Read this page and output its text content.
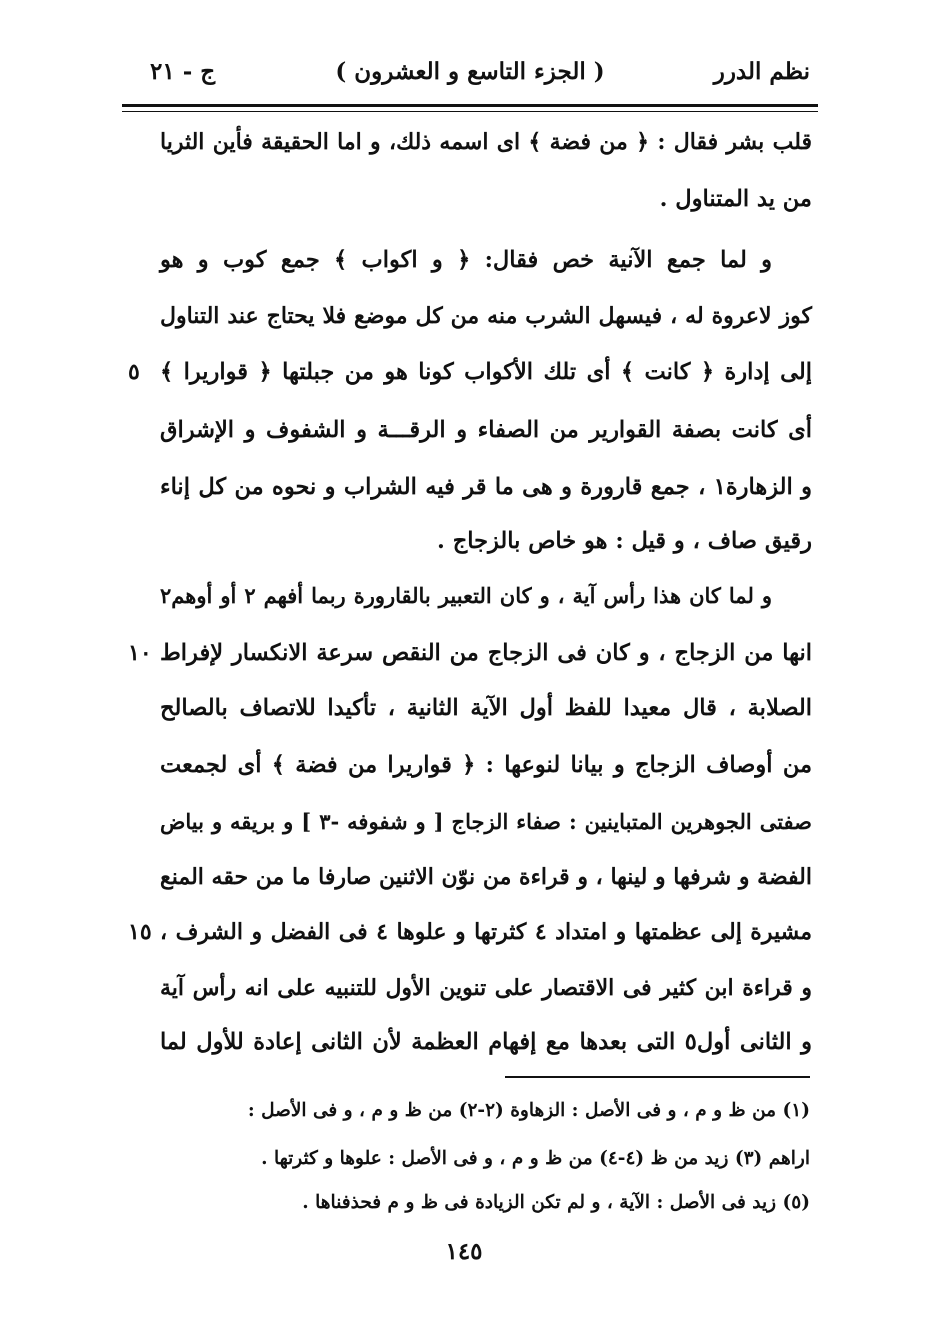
نظم الدرر
( الجزء التاسع و العشرون )
ج - ٢١
قلب بشر فقال : ﴿ من فضة ﴾ اى اسمه ذلك، و اما الحقيقة فأين الثريا
من يد المتناول .
و لما جمع الآنية خص فقال: ﴿ و اكواب ﴾ جمع كوب و هو
كوز لاعروة له ، فيسهل الشرب منه من كل موضع فلا يحتاج عند التناول
إلى إدارة ﴿ كانت ﴾ أى تلك الأكواب كونا هو من جبلتها ﴿ قواريرا ﴾
٥
أى كانت بصفة القوارير من الصفاء و الرقـــة و الشفوف و الإشراق
و الزهارة١ ، جمع قارورة و هى ما قر فيه الشراب و نحوه من كل إناء
رقيق صاف ، و قيل : هو خاص بالزجاج .
و لما كان هذا رأس آية ، و كان التعبير بالقارورة ربما أفهم ٢ أو أوهم٢
انها من الزجاج ، و كان فى الزجاج من النقص سرعة الانكسار لإفراط
١٠
الصلابة ، قال معيدا للفظ أول الآية الثانية ، تأكيدا للاتصاف بالصالح
من أوصاف الزجاج و بيانا لنوعها : ﴿ قواريرا من فضة ﴾ أى لجمعت
صفتى الجوهرين المتباينين : صفاء الزجاج [ و شفوفه -٣ ] و بريقه و بياض
الفضة و شرفها و لينها ، و قراءة من نوّن الاثنين صارفا ما من حقه المنع
مشيرة إلى عظمتها و امتداد ٤ كثرتها و علوها ٤ فى الفضل و الشرف ،
١٥
و قراءة ابن كثير فى الاقتصار على تنوين الأول للتنبيه على انه رأس آية
و الثانى أول٥ التى بعدها مع إفهام العظمة لأن الثانى إعادة للأول لما
(١) من ظ و م ، و فى الأصل : الزهاوة (٢-٢) من ظ و م ، و فى الأصل :
اراهم (٣) زيد من ظ (٤-٤) من ظ و م ، و فى الأصل : علوها و كثرتها .
(٥) زيد فى الأصل : الآية ، و لم تكن الزيادة فى ظ و م فحذفناها .
١٤٥
